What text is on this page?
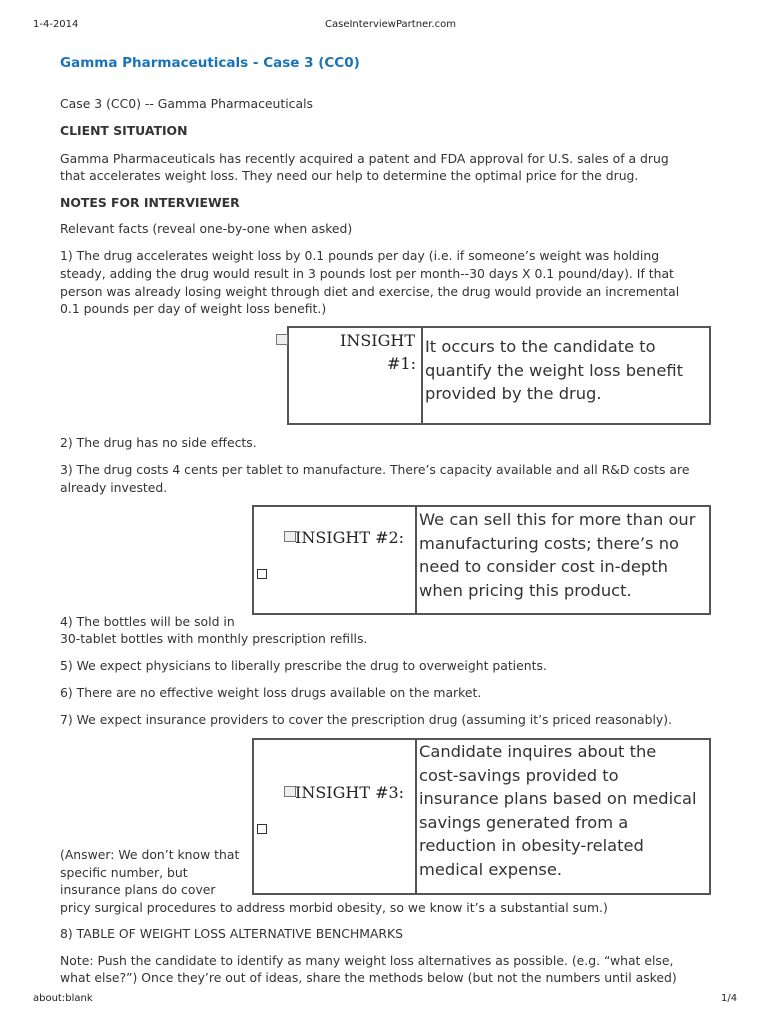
1-4-2014	CaseInterviewPartner.com
Gamma Pharmaceuticals - Case 3 (CC0)
Case 3 (CC0) -- Gamma Pharmaceuticals
CLIENT SITUATION
Gamma Pharmaceuticals has recently acquired a patent and FDA approval for U.S. sales of a drug
that accelerates weight loss. They need our help to determine the optimal price for the drug.
NOTES FOR INTERVIEWER
Relevant facts (reveal one-by-one when asked)
1) The drug accelerates weight loss by 0.1 pounds per day (i.e. if someone’s weight was holding
steady, adding the drug would result in 3 pounds lost per month--30 days X 0.1 pound/day). If that
person was already losing weight through diet and exercise, the drug would provide an incremental
0.1 pounds per day of weight loss benefit.)
INSIGHT
#1:
It occurs to the candidate to
quantify the weight loss benefit
provided by the drug.
2) The drug has no side effects.
3) The drug costs 4 cents per tablet to manufacture. There’s capacity available and all R&D costs are
already invested.
INSIGHT #2:
We can sell this for more than our
manufacturing costs; there’s no
need to consider cost in-depth
when pricing this product.
4) The bottles will be sold in
30-tablet bottles with monthly prescription refills.
5) We expect physicians to liberally prescribe the drug to overweight patients.
6) There are no effective weight loss drugs available on the market.
7) We expect insurance providers to cover the prescription drug (assuming it’s priced reasonably).
INSIGHT #3:
Candidate inquires about the
cost-savings provided to
insurance plans based on medical
savings generated from a
reduction in obesity-related
medical expense.
(Answer: We don’t know that
specific number, but
insurance plans do cover
pricy surgical procedures to address morbid obesity, so we know it’s a substantial sum.)
8) TABLE OF WEIGHT LOSS ALTERNATIVE BENCHMARKS
Note: Push the candidate to identify as many weight loss alternatives as possible. (e.g. “what else,
what else?”) Once they’re out of ideas, share the methods below (but not the numbers until asked)
about:blank	1/4
